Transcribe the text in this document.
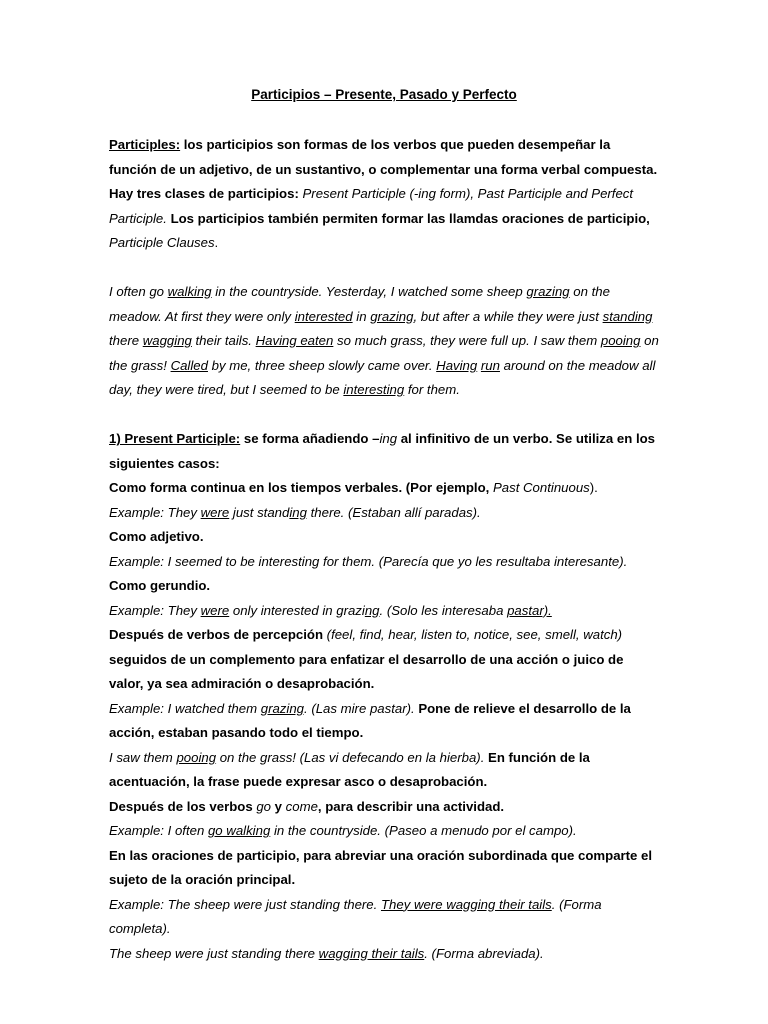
Participios – Presente, Pasado y Perfecto

Participles: los participios son formas de los verbos que pueden desempeñar la función de un adjetivo, de un sustantivo, o complementar una forma verbal compuesta. Hay tres clases de participios: Present Participle (-ing form), Past Participle and Perfect Participle. Los participios también permiten formar las llamdas oraciones de participio, Participle Clauses.

I often go walking in the countryside. Yesterday, I watched some sheep grazing on the meadow. At first they were only interested in grazing, but after a while they were just standing there wagging their tails. Having eaten so much grass, they were full up. I saw them pooing on the grass! Called by me, three sheep slowly came over. Having run around on the meadow all day, they were tired, but I seemed to be interesting for them.

1) Present Participle: se forma añadiendo –ing al infinitivo de un verbo. Se utiliza en los siguientes casos:

Como forma continua en los tiempos verbales. (Por ejemplo, Past Continuous).

Example: They were just standing there. (Estaban allí paradas).

Como adjetivo.

Example: I seemed to be interesting for them. (Parecía que yo les resultaba interesante).

Como gerundio.

Example: They were only interested in grazing. (Solo les interesaba pastar).

Después de verbos de percepción (feel, find, hear, listen to, notice, see, smell, watch) seguidos de un complemento para enfatizar el desarrollo de una acción o juico de valor, ya sea admiración o desaprobación.

Example: I watched them grazing. (Las mire pastar). Pone de relieve el desarrollo de la acción, estaban pasando todo el tiempo.

I saw them pooing on the grass! (Las vi defecando en la hierba). En función de la acentuación, la frase puede expresar asco o desaprobación.

Después de los verbos go y come, para describir una actividad.

Example: I often go walking in the countryside. (Paseo a menudo por el campo).

En las oraciones de participio, para abreviar una oración subordinada que comparte el sujeto de la oración principal.

Example: The sheep were just standing there. They were wagging their tails. (Forma completa).

The sheep were just standing there wagging their tails. (Forma abreviada).
